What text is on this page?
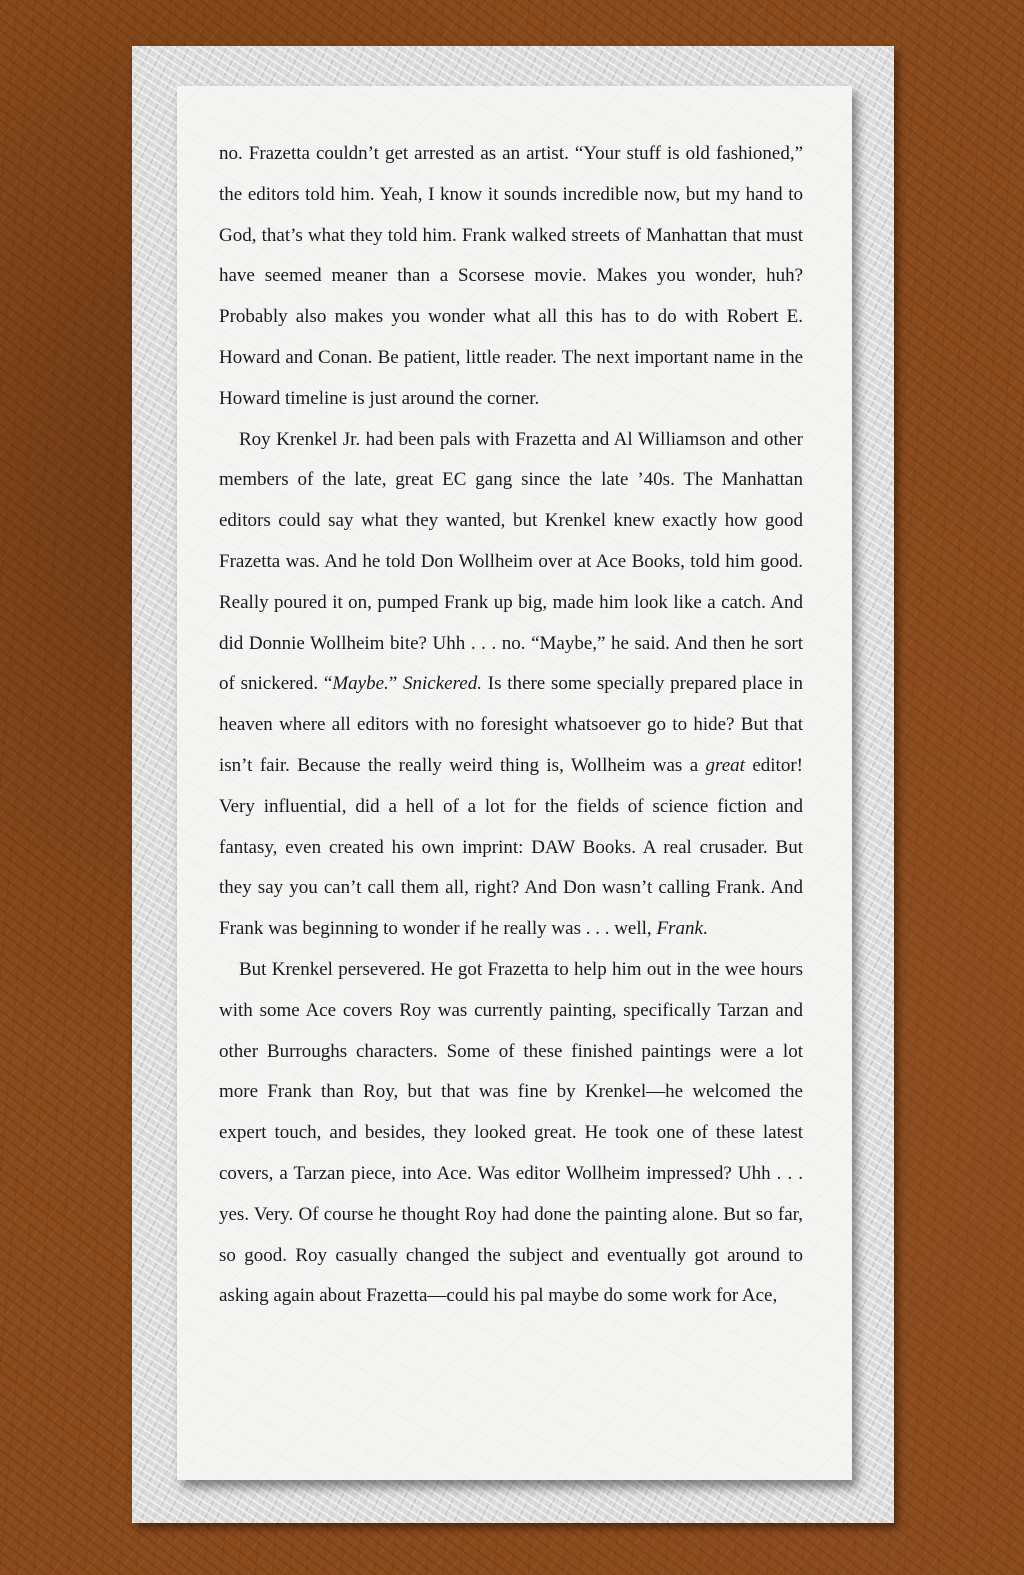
no. Frazetta couldn’t get arrested as an artist. “Your stuff is old fashioned,” the editors told him. Yeah, I know it sounds incredible now, but my hand to God, that’s what they told him. Frank walked streets of Manhattan that must have seemed meaner than a Scorsese movie. Makes you wonder, huh? Probably also makes you wonder what all this has to do with Robert E. Howard and Conan. Be patient, little reader. The next important name in the Howard timeline is just around the corner.

Roy Krenkel Jr. had been pals with Frazetta and Al Williamson and other members of the late, great EC gang since the late ’40s. The Manhattan editors could say what they wanted, but Krenkel knew exactly how good Frazetta was. And he told Don Wollheim over at Ace Books, told him good. Really poured it on, pumped Frank up big, made him look like a catch. And did Donnie Wollheim bite? Uhh . . . no. “Maybe,” he said. And then he sort of snickered. “Maybe.” Snickered. Is there some specially prepared place in heaven where all editors with no foresight whatsoever go to hide? But that isn’t fair. Because the really weird thing is, Wollheim was a great editor! Very influential, did a hell of a lot for the fields of science fiction and fantasy, even created his own imprint: DAW Books. A real crusader. But they say you can’t call them all, right? And Don wasn’t calling Frank. And Frank was beginning to wonder if he really was . . . well, Frank.

But Krenkel persevered. He got Frazetta to help him out in the wee hours with some Ace covers Roy was currently painting, specifically Tarzan and other Burroughs characters. Some of these finished paintings were a lot more Frank than Roy, but that was fine by Krenkel—he welcomed the expert touch, and besides, they looked great. He took one of these latest covers, a Tarzan piece, into Ace. Was editor Wollheim impressed? Uhh . . . yes. Very. Of course he thought Roy had done the painting alone. But so far, so good. Roy casually changed the subject and eventually got around to asking again about Frazetta—could his pal maybe do some work for Ace,
